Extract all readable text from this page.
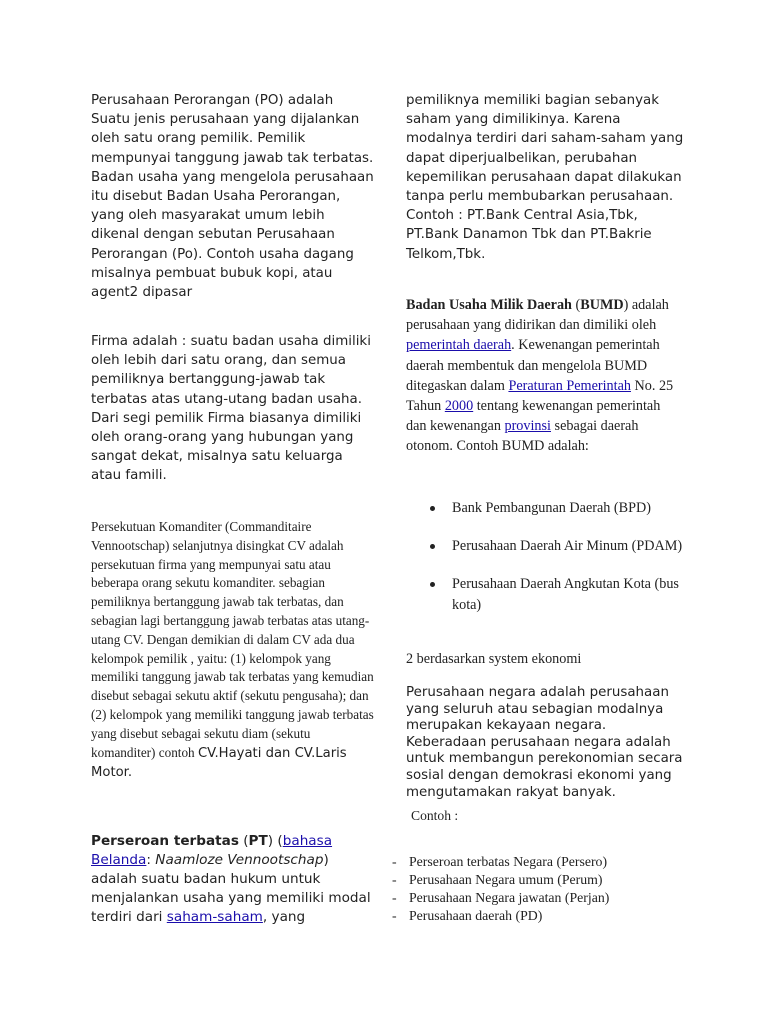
Perusahaan Perorangan (PO) adalah Suatu jenis perusahaan yang dijalankan oleh satu orang pemilik. Pemilik mempunyai tanggung jawab tak terbatas. Badan usaha yang mengelola perusahaan itu disebut Badan Usaha Perorangan, yang oleh masyarakat umum lebih dikenal dengan sebutan Perusahaan Perorangan (Po). Contoh usaha dagang misalnya pembuat bubuk kopi, atau agent2 dipasar

Firma adalah : suatu badan usaha dimiliki oleh lebih dari satu orang, dan semua pemiliknya bertanggung-jawab tak terbatas atas utang-utang badan usaha.

Dari segi pemilik Firma biasanya dimiliki oleh orang-orang yang hubungan yang sangat dekat, misalnya satu keluarga atau famili.

Persekutuan Komanditer (Commanditaire Vennootschap) selanjutnya disingkat CV adalah persekutuan firma yang mempunyai satu atau beberapa orang sekutu komanditer. sebagian pemiliknya bertanggung jawab tak terbatas, dan sebagian lagi bertanggung jawab terbatas atas utang-utang CV. Dengan demikian di dalam CV ada dua kelompok pemilik , yaitu: (1) kelompok yang memiliki tanggung jawab tak terbatas yang kemudian disebut sebagai sekutu aktif (sekutu pengusaha); dan (2) kelompok yang memiliki tanggung jawab terbatas yang disebut sebagai sekutu diam (sekutu komanditer) contoh CV.Hayati dan CV.Laris Motor.

Perseroan terbatas (PT) (bahasa Belanda: Naamloze Vennootschap) adalah suatu badan hukum untuk menjalankan usaha yang memiliki modal terdiri dari saham-saham, yang

pemiliknya memiliki bagian sebanyak saham yang dimilikinya. Karena modalnya terdiri dari saham-saham yang dapat diperjualbelikan, perubahan kepemilikan perusahaan dapat dilakukan tanpa perlu membubarkan perusahaan. Contoh : PT.Bank Central Asia,Tbk, PT.Bank Danamon Tbk dan PT.Bakrie Telkom,Tbk.

Badan Usaha Milik Daerah (BUMD) adalah perusahaan yang didirikan dan dimiliki oleh pemerintah daerah. Kewenangan pemerintah daerah membentuk dan mengelola BUMD ditegaskan dalam Peraturan Pemerintah No. 25 Tahun 2000 tentang kewenangan pemerintah dan kewenangan provinsi sebagai daerah otonom. Contoh BUMD adalah:

Bank Pembangunan Daerah (BPD)
Perusahaan Daerah Air Minum (PDAM)
Perusahaan Daerah Angkutan Kota (bus kota)

2 berdasarkan system ekonomi

Perusahaan negara adalah perusahaan yang seluruh atau sebagian modalnya merupakan kekayaan negara. Keberadaan perusahaan negara adalah untuk membangun perekonomian secara sosial dengan demokrasi ekonomi yang mengutamakan rakyat banyak.

Contoh :

- Perseroan terbatas Negara (Persero)
- Perusahaan Negara umum (Perum)
- Perusahaan Negara jawatan (Perjan)
- Perusahaan daerah (PD)
